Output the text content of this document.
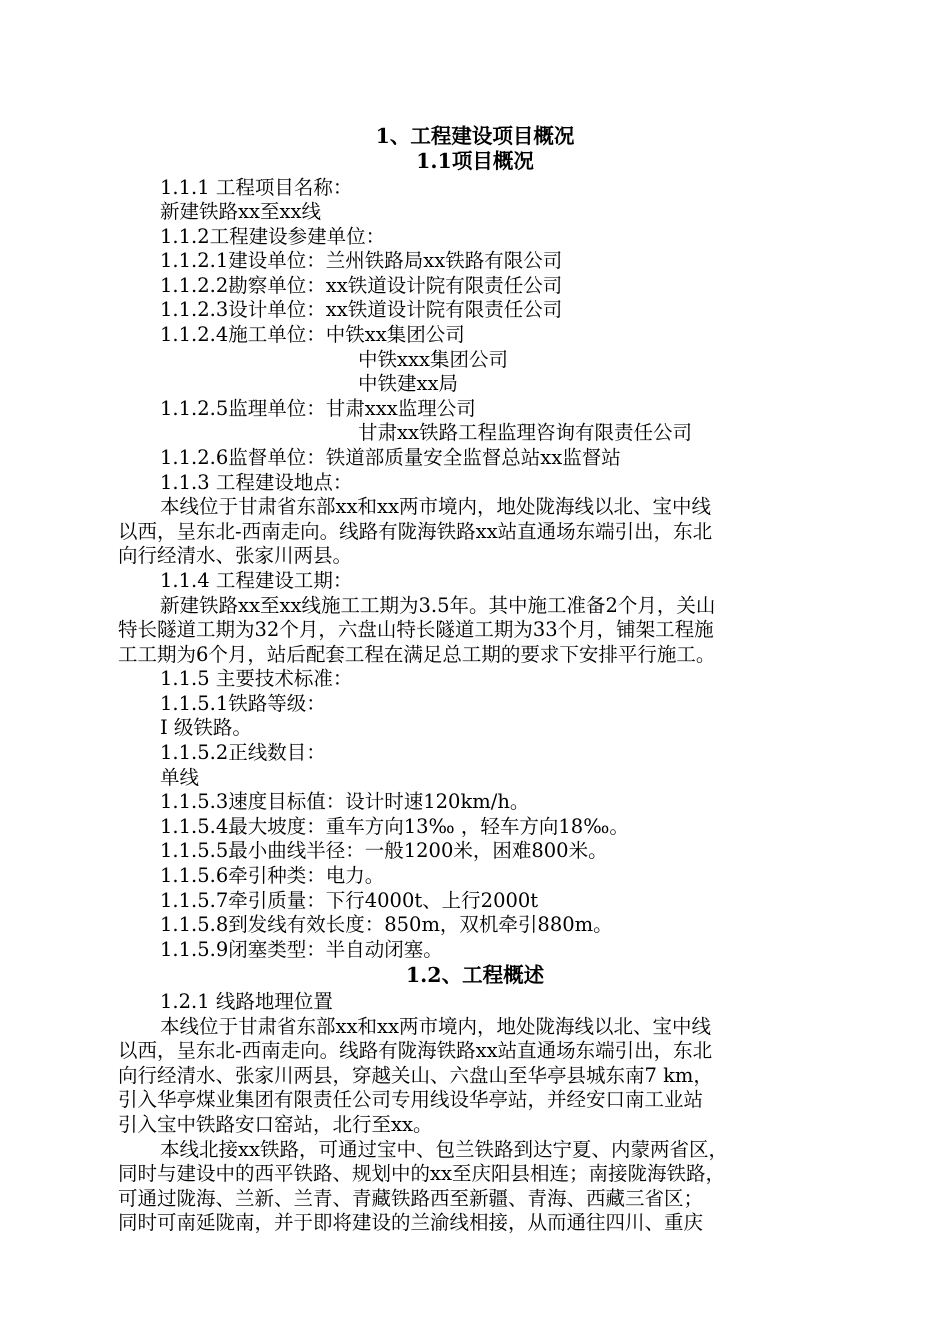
1、工程建设项目概况
1.1项目概况
1.1.1 工程项目名称：
新建铁路xx至xx线
1.1.2工程建设参建单位：
1.1.2.1建设单位：兰州铁路局xx铁路有限公司
1.1.2.2勘察单位：xx铁道设计院有限责任公司
1.1.2.3设计单位：xx铁道设计院有限责任公司
1.1.2.4施工单位：中铁xx集团公司
中铁xxx集团公司
中铁建xx局
1.1.2.5监理单位：甘肃xxx监理公司
甘肃xx铁路工程监理咨询有限责任公司
1.1.2.6监督单位：铁道部质量安全监督总站xx监督站
1.1.3 工程建设地点：
本线位于甘肃省东部xx和xx两市境内，地处陇海线以北、宝中线
以西，呈东北-西南走向。线路有陇海铁路xx站直通场东端引出，东北
向行经清水、张家川两县。
1.1.4 工程建设工期：
新建铁路xx至xx线施工工期为3.5年。其中施工准备2个月，关山
特长隧道工期为32个月，六盘山特长隧道工期为33个月，铺架工程施
工工期为6个月，站后配套工程在满足总工期的要求下安排平行施工。
1.1.5 主要技术标准：
1.1.5.1铁路等级：
Ⅰ 级铁路。
1.1.5.2正线数目：
单线
1.1.5.3速度目标值：设计时速120km/h。
1.1.5.4最大坡度：重车方向13‰ ，轻车方向18‰。
1.1.5.5最小曲线半径：一般1200米，困难800米。
1.1.5.6牵引种类：电力。
1.1.5.7牵引质量：下行4000t、上行2000t
1.1.5.8到发线有效长度：850m，双机牵引880m。
1.1.5.9闭塞类型：半自动闭塞。
1.2、工程概述
1.2.1 线路地理位置
本线位于甘肃省东部xx和xx两市境内，地处陇海线以北、宝中线
以西，呈东北-西南走向。线路有陇海铁路xx站直通场东端引出，东北
向行经清水、张家川两县，穿越关山、六盘山至华亭县城东南7 km，
引入华亭煤业集团有限责任公司专用线设华亭站，并经安口南工业站
引入宝中铁路安口窑站，北行至xx。
本线北接xx铁路，可通过宝中、包兰铁路到达宁夏、内蒙两省区，
同时与建设中的西平铁路、规划中的xx至庆阳县相连；南接陇海铁路，
可通过陇海、兰新、兰青、青藏铁路西至新疆、青海、西藏三省区；
同时可南延陇南，并于即将建设的兰渝线相接，从而通往四川、重庆
